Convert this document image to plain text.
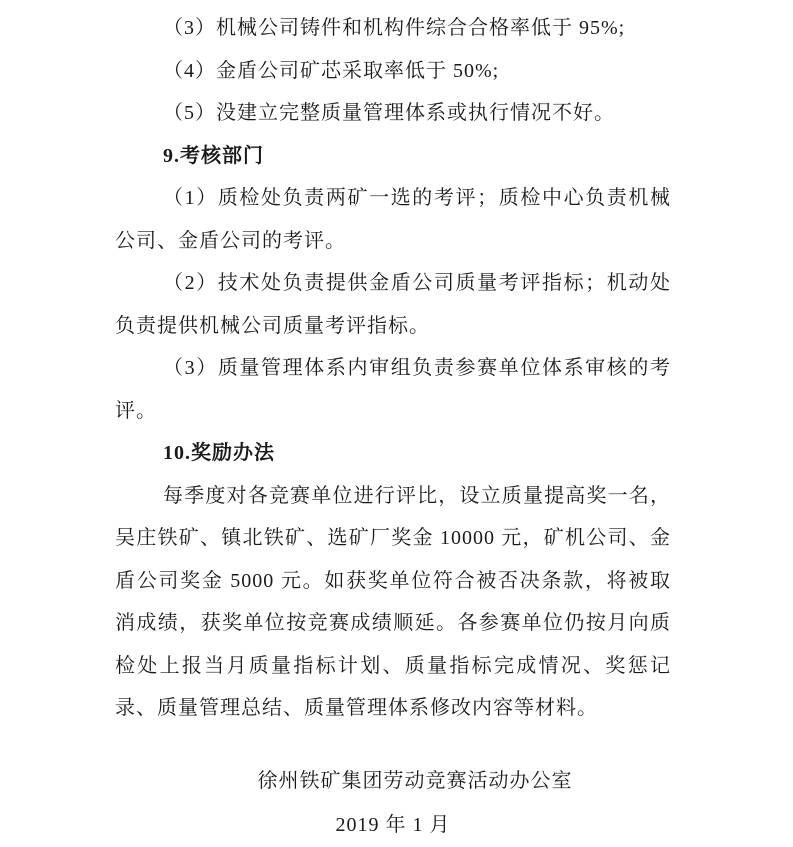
（3）机械公司铸件和机构件综合合格率低于 95%;

（4）金盾公司矿芯采取率低于 50%;

（5）没建立完整质量管理体系或执行情况不好。

9.考核部门

（1）质检处负责两矿一选的考评；质检中心负责机械公司、金盾公司的考评。

（2）技术处负责提供金盾公司质量考评指标；机动处负责提供机械公司质量考评指标。

（3）质量管理体系内审组负责参赛单位体系审核的考评。

10.奖励办法

每季度对各竞赛单位进行评比，设立质量提高奖一名，吴庄铁矿、镇北铁矿、选矿厂奖金 10000 元，矿机公司、金盾公司奖金 5000 元。如获奖单位符合被否决条款，将被取消成绩，获奖单位按竞赛成绩顺延。各参赛单位仍按月向质检处上报当月质量指标计划、质量指标完成情况、奖惩记录、质量管理总结、质量管理体系修改内容等材料。

徐州铁矿集团劳动竞赛活动办公室

2019 年 1 月
